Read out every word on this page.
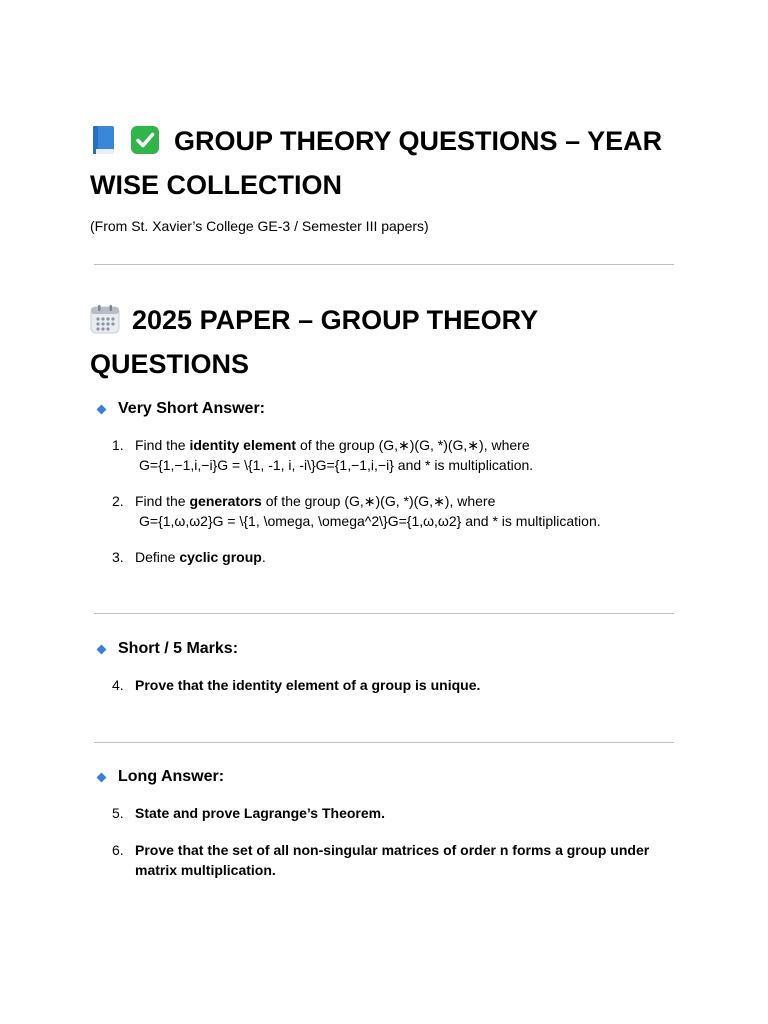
GROUP THEORY QUESTIONS – YEAR WISE COLLECTION

(From St. Xavier’s College GE-3 / Semester III papers)

2025 PAPER – GROUP THEORY QUESTIONS
Very Short Answer:
1. Find the identity element of the group (G,∗)(G, *)(G,∗), where
G={1,−1,i,−i}G = \{1, -1, i, -i\}G={1,−1,i,−i} and * is multiplication.
2. Find the generators of the group (G,∗)(G, *)(G,∗), where
G={1,ω,ω2}G = \{1, \omega, \omega^2\}G={1,ω,ω2} and * is multiplication.
3. Define cyclic group.
Short / 5 Marks:
4. Prove that the identity element of a group is unique.
Long Answer:
5. State and prove Lagrange’s Theorem.
6. Prove that the set of all non-singular matrices of order n forms a group under
matrix multiplication.
